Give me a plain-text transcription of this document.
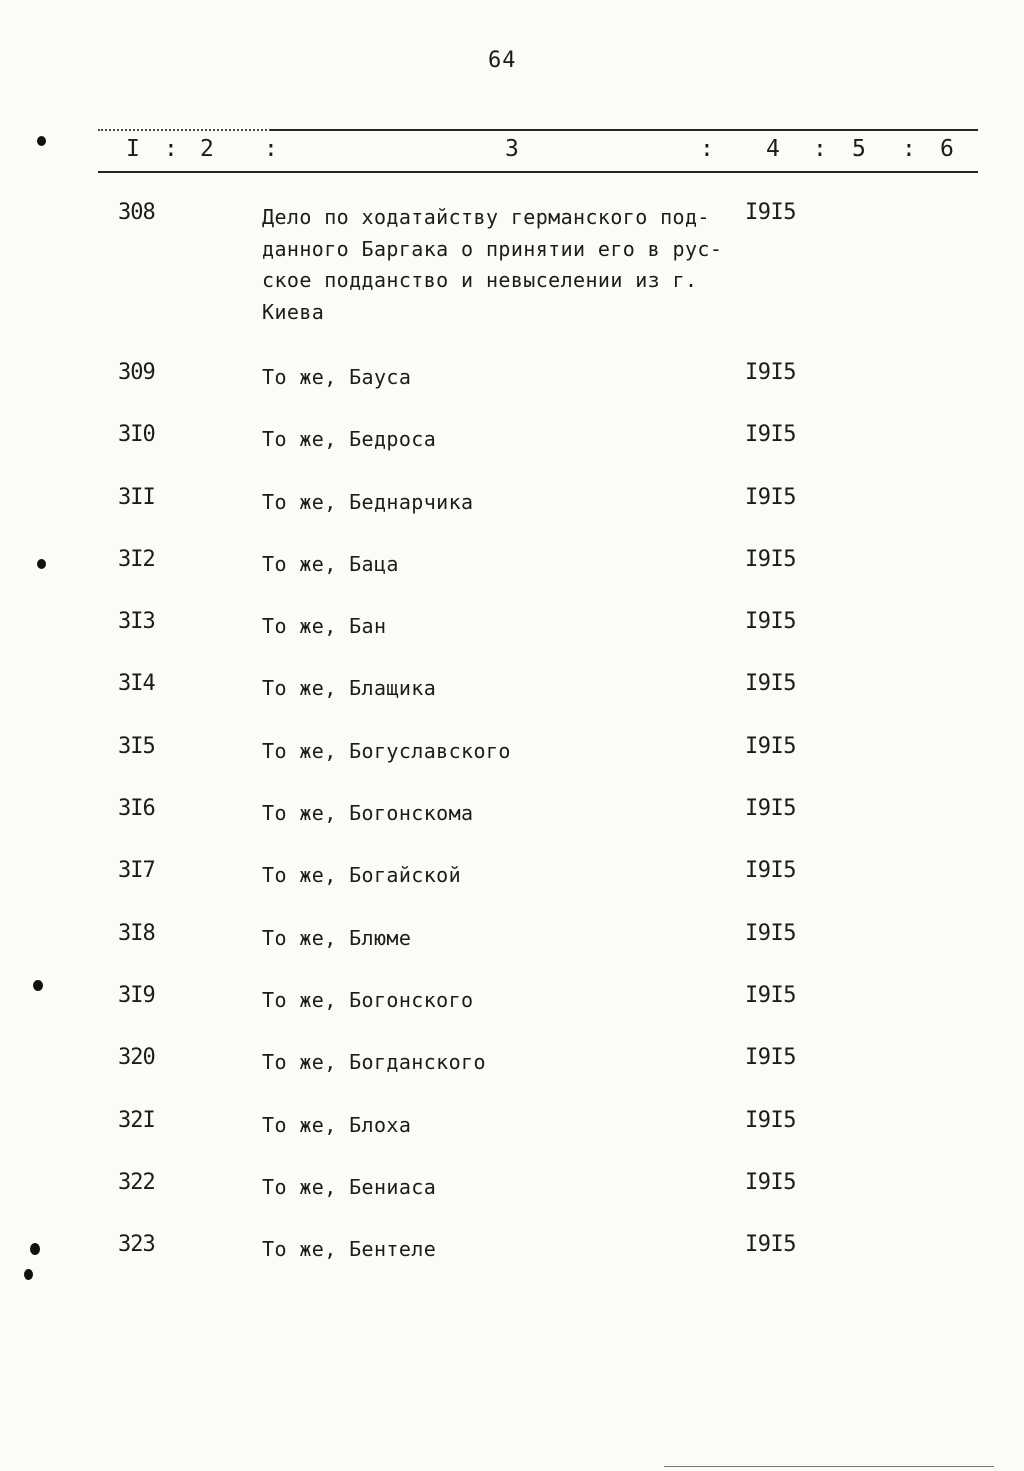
64
I : 2 :	3	: 4 : 5 : 6
308	Дело по ходатайству германского под-
данного Баргака о принятии его в рус-
ское подданство и невыселении из г.
Киева
I9I5
309	То же, Бауса	I9I5
3I0	То же, Бедроса	I9I5
3II	То же, Беднарчика	I9I5
3I2	То же, Баца	I9I5
3I3	То же, Бан	I9I5
3I4	То же, Блащика	I9I5
3I5	То же, Богуславского	I9I5
3I6	То же, Богонскома	I9I5
3I7	То же, Богайской	I9I5
3I8	То же, Блюме	I9I5
3I9	То же, Богонского	I9I5
320	То же, Богданского	I9I5
32I	То же, Блоха	I9I5
322	То же, Бениаса	I9I5
323	То же, Бентеле	I9I5
